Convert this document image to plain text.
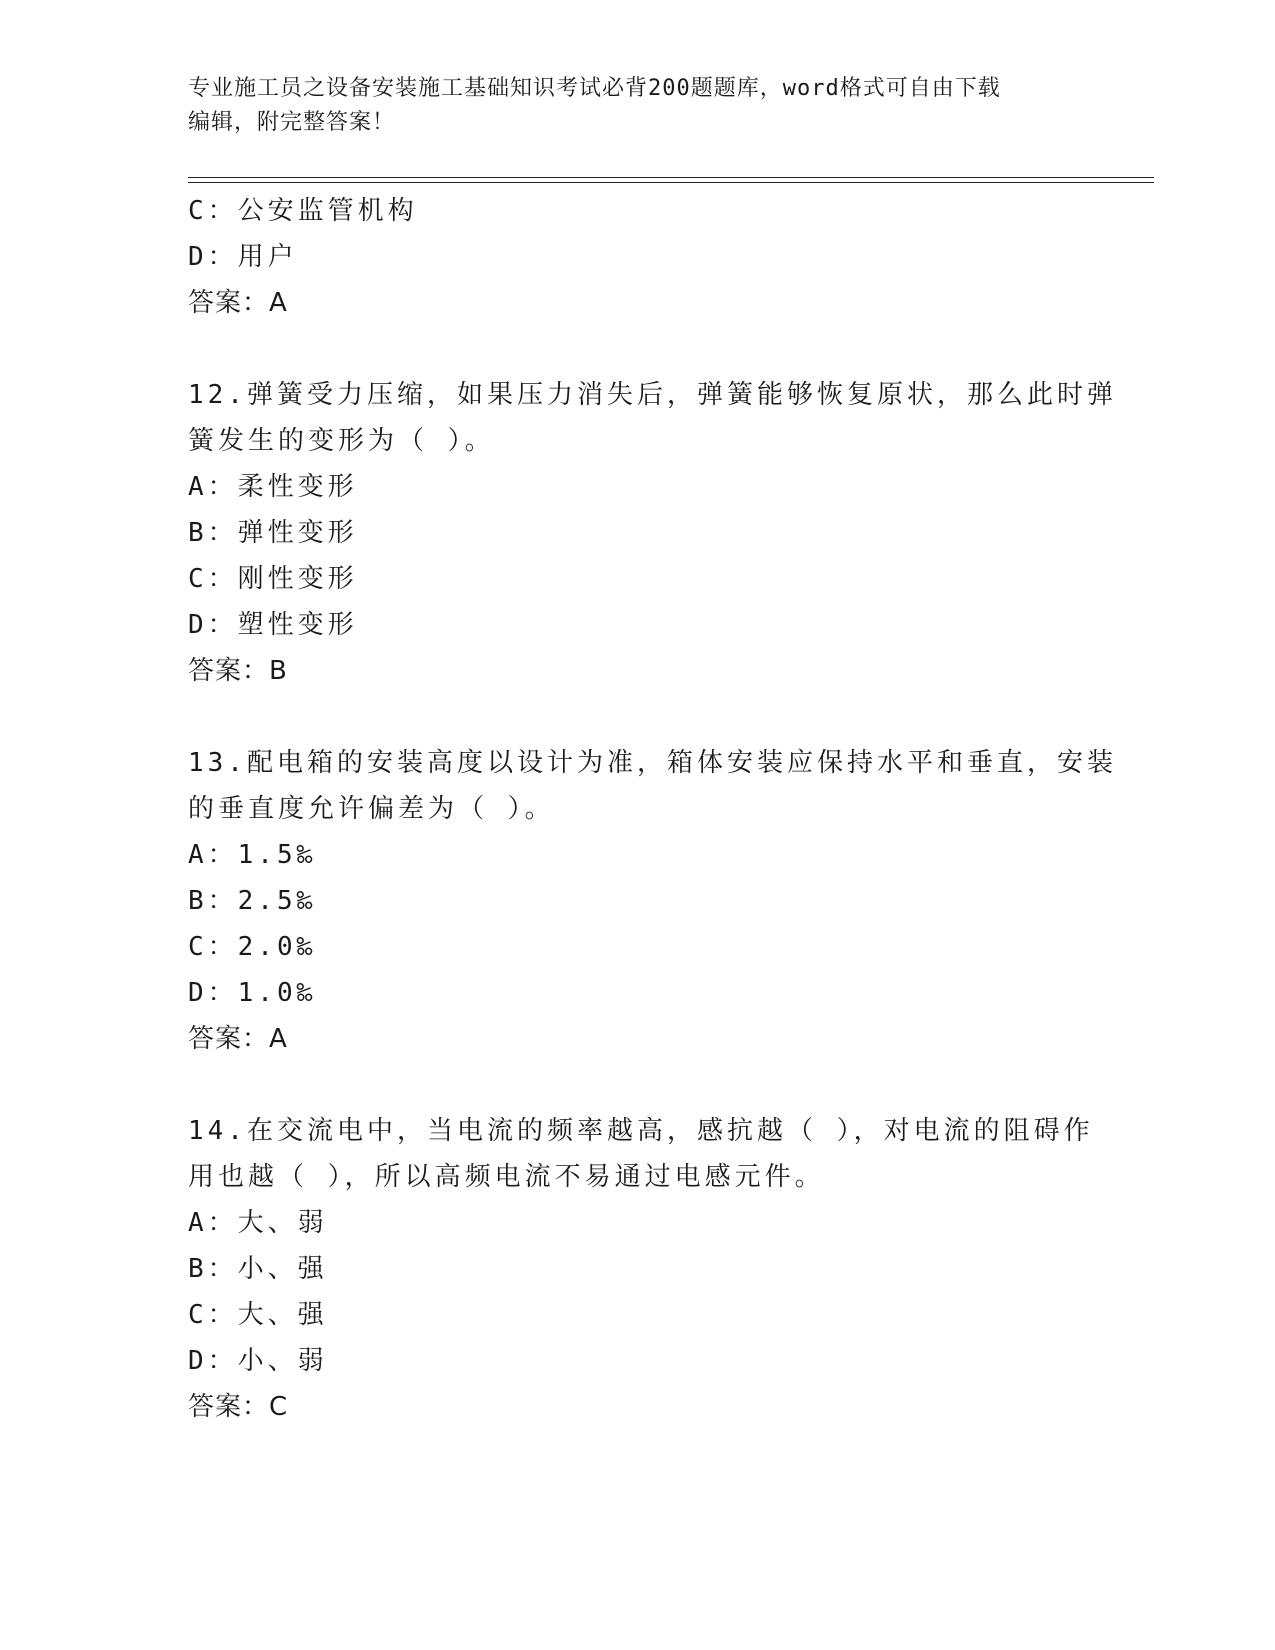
专业施工员之设备安装施工基础知识考试必背200题题库，word格式可自由下载
编辑，附完整答案！
C：公安监管机构
D：用户
答案：A
12.弹簧受力压缩，如果压力消失后，弹簧能够恢复原状，那么此时弹
簧发生的变形为（ ）。
A：柔性变形
B：弹性变形
C：刚性变形
D：塑性变形
答案：B
13.配电箱的安装高度以设计为准，箱体安装应保持水平和垂直，安装
的垂直度允许偏差为（ ）。
A：1.5‰
B：2.5‰
C：2.0‰
D：1.0‰
答案：A
14.在交流电中，当电流的频率越高，感抗越（ ），对电流的阻碍作
用也越（ ），所以高频电流不易通过电感元件。
A：大、弱
B：小、强
C：大、强
D：小、弱
答案：C
